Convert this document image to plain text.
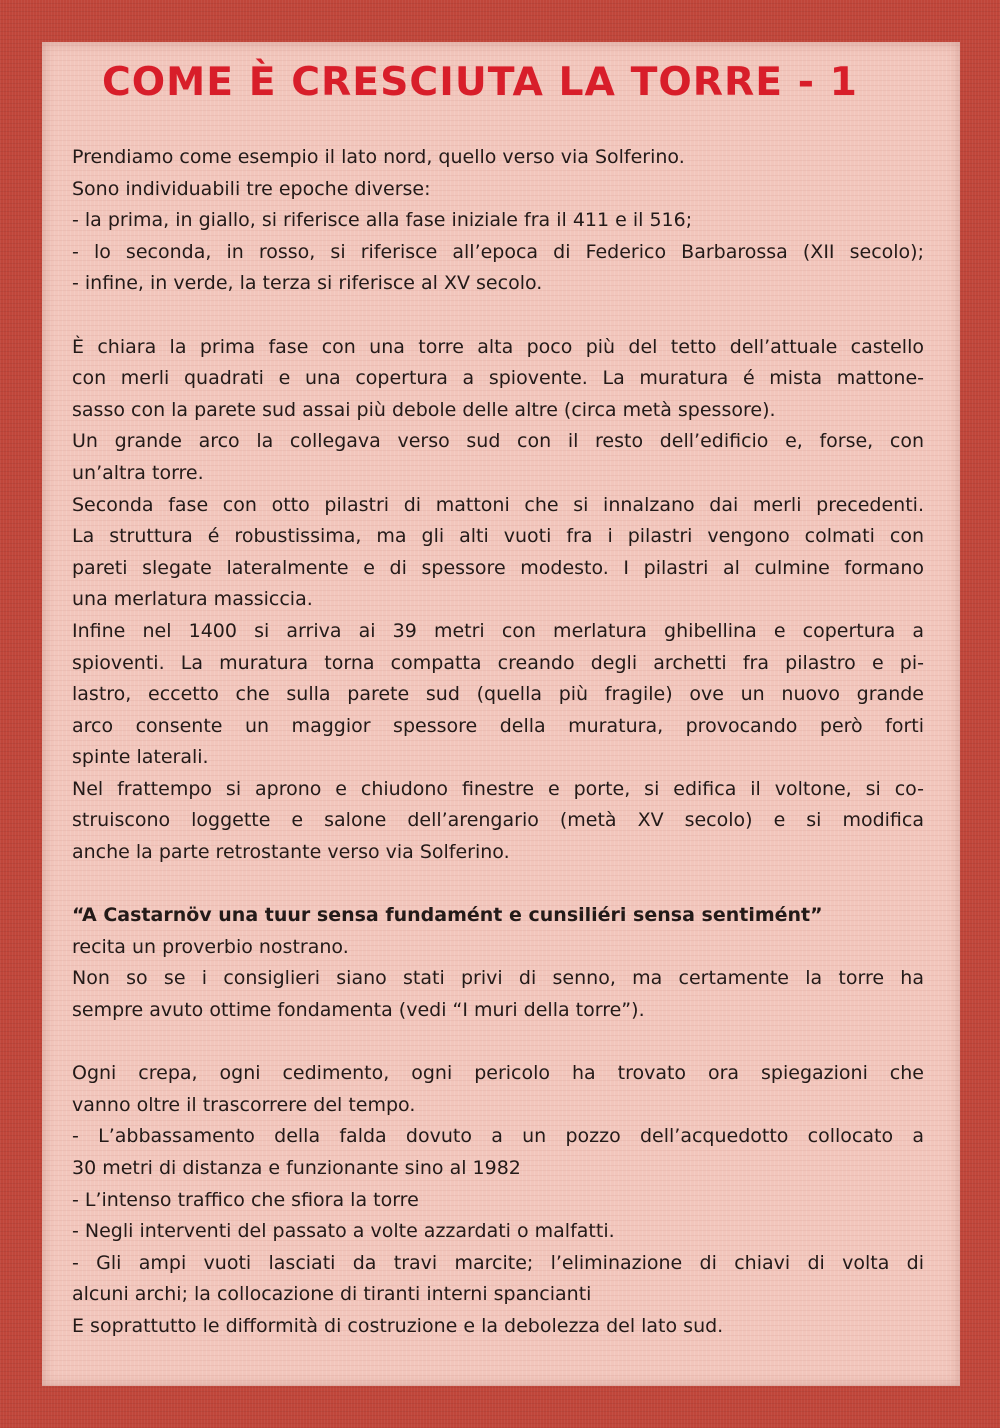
COME È CRESCIUTA LA TORRE - 1
Prendiamo come esempio il lato nord, quello verso via Solferino.
Sono individuabili tre epoche diverse:
- la prima, in giallo, si riferisce alla fase iniziale fra il 411 e il 516;
- lo seconda, in rosso, si riferisce all’epoca di Federico Barbarossa (XII secolo);
- infine, in verde, la terza si riferisce al XV secolo.
È chiara la prima fase con una torre alta poco più del tetto dell’attuale castello
con merli quadrati e una copertura a spiovente. La muratura é mista mattone-
sasso con la parete sud assai più debole delle altre (circa metà spessore).
Un grande arco la collegava verso sud con il resto dell’edificio e, forse, con
un’altra torre.
Seconda fase con otto pilastri di mattoni che si innalzano dai merli precedenti.
La struttura é robustissima, ma gli alti vuoti fra i pilastri vengono colmati con
pareti slegate lateralmente e di spessore modesto. I pilastri al culmine formano
una merlatura massiccia.
Infine nel 1400 si arriva ai 39 metri con merlatura ghibellina e copertura a
spioventi. La muratura torna compatta creando degli archetti fra pilastro e pi-
lastro, eccetto che sulla parete sud (quella più fragile) ove un nuovo grande
arco consente un maggior spessore della muratura, provocando però forti
spinte laterali.
Nel frattempo si aprono e chiudono finestre e porte, si edifica il voltone, si co-
struiscono loggette e salone dell’arengario (metà XV secolo) e si modifica
anche la parte retrostante verso via Solferino.
“A Castarnöv una tuur sensa fundamént e cunsiliéri sensa sentimént”
recita un proverbio nostrano.
Non so se i consiglieri siano stati privi di senno, ma certamente la torre ha
sempre avuto ottime fondamenta (vedi “I muri della torre”).
Ogni crepa, ogni cedimento, ogni pericolo ha trovato ora spiegazioni che
vanno oltre il trascorrere del tempo.
- L’abbassamento della falda dovuto a un pozzo dell’acquedotto collocato a
30 metri di distanza e funzionante sino al 1982
- L’intenso traffico che sfiora la torre
- Negli interventi del passato a volte azzardati o malfatti.
- Gli ampi vuoti lasciati da travi marcite; l’eliminazione di chiavi di volta di
alcuni archi; la collocazione di tiranti interni spancianti
E soprattutto le difformità di costruzione e la debolezza del lato sud.
